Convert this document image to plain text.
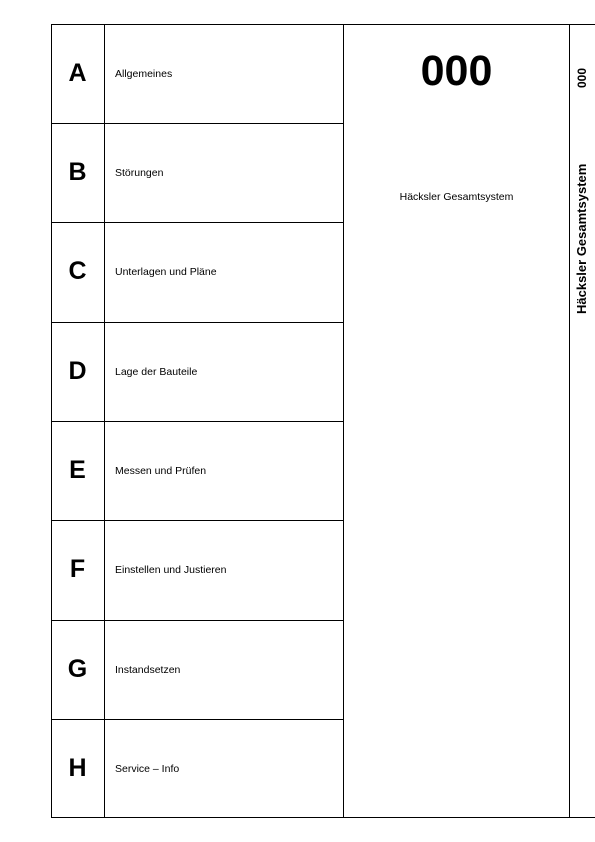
A	Allgemeines
B	Störungen
C	Unterlagen und Pläne
D	Lage der Bauteile
E	Messen und Prüfen
F	Einstellen und Justieren
G	Instandsetzen
H	Service – Info
000
Häcksler Gesamtsystem
000
Häcksler Gesamtsystem
